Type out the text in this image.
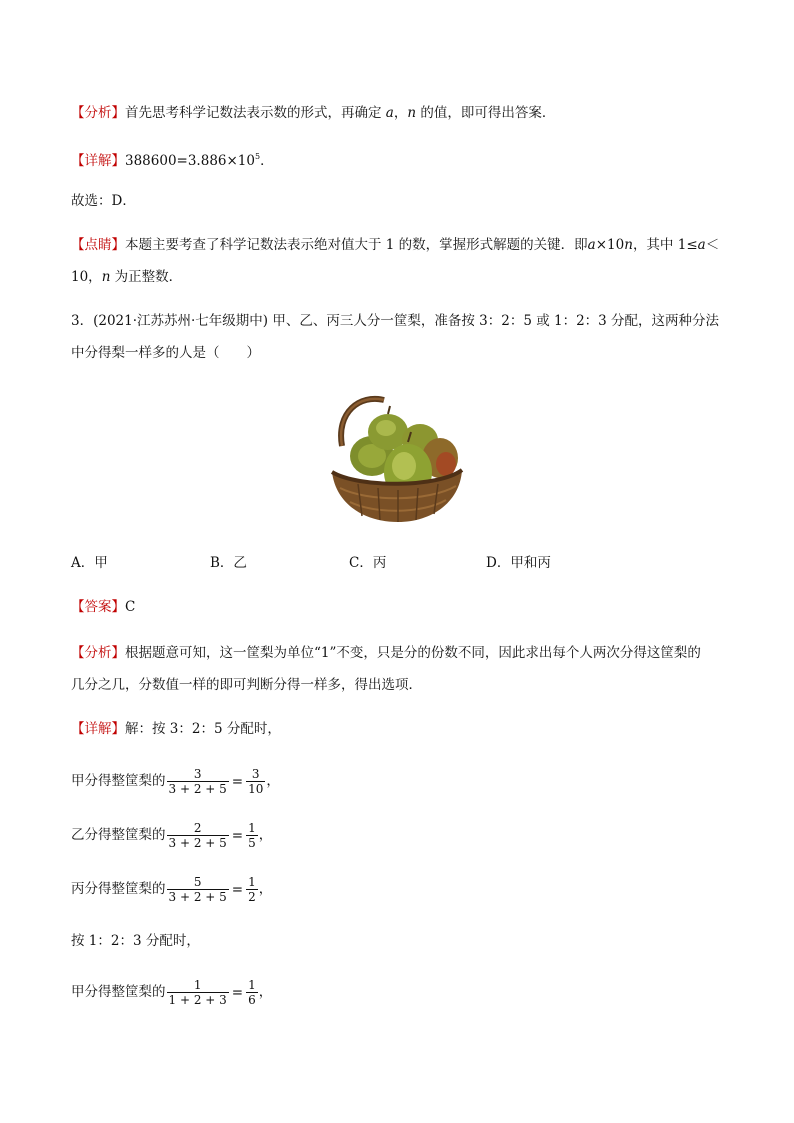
【分析】首先思考科学记数法表示数的形式，再确定 a，n 的值，即可得出答案．
【详解】$388600=3.886\times 10^5$．
故选：D．
【点睛】本题主要考查了科学记数法表示绝对值大于 1 的数，掌握形式解题的关键．即a×10n，其中 1≤a＜
10，n 为正整数．
3．(2021·江苏苏州·七年级期中) 甲、乙、丙三人分一筐梨，准备按 3：2：5 或 1：2：3 分配，这两种分法
中分得梨一样多的人是（　　）
A．甲	B．乙	C．丙	D．甲和丙
【答案】C
【分析】根据题意可知，这一筐梨为单位“1”不变，只是分的份数不同，因此求出每个人两次分得这筐梨的
几分之几，分数值一样的即可判断分得一样多，得出选项．
【详解】解：按 3：2：5 分配时，
甲分得整筐梨的 $\frac{3}{3 + 2 + 5} = \frac{3}{10}$ ，
乙分得整筐梨的 $\frac{2}{3 + 2 + 5} = \frac{1}{5}$ ，
丙分得整筐梨的 $\frac{5}{3 + 2 + 5} = \frac{1}{2}$ ，
按 1：2：3 分配时，
甲分得整筐梨的 $\frac{1}{1 + 2 + 3} = \frac{1}{6}$ ，
